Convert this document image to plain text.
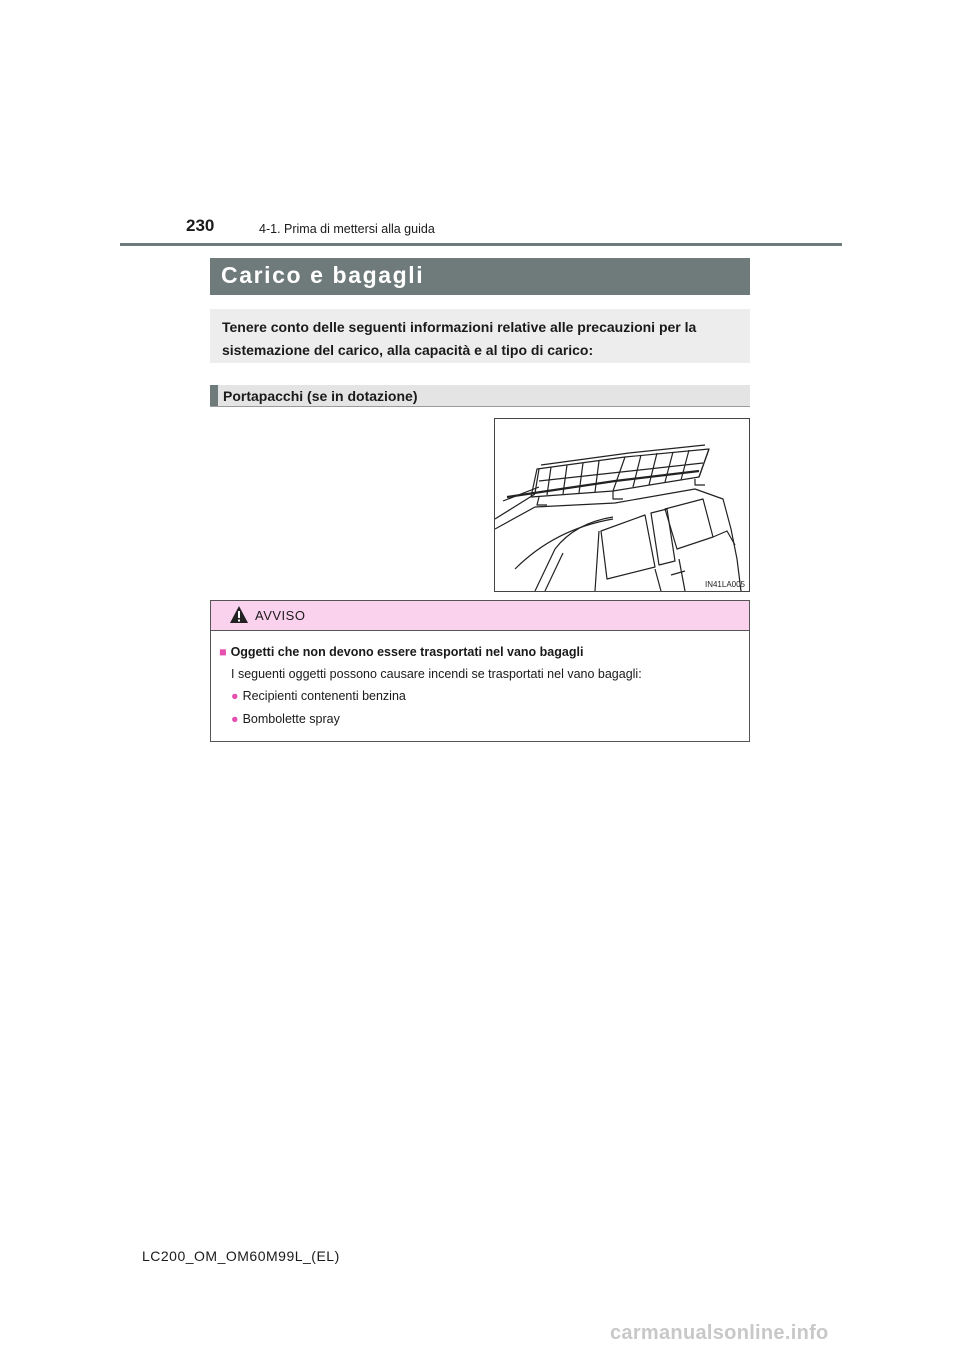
230	4-1. Prima di mettersi alla guida
Carico e bagagli
Tenere conto delle seguenti informazioni relative alle precauzioni per la sistemazione del carico, alla capacità e al tipo di carico:
Portapacchi (se in dotazione)
IN41LA005
AVVISO
■ Oggetti che non devono essere trasportati nel vano bagagli
I seguenti oggetti possono causare incendi se trasportati nel vano bagagli:
● Recipienti contenenti benzina
● Bombolette spray
LC200_OM_OM60M99L_(EL)
carmanualsonline.info
